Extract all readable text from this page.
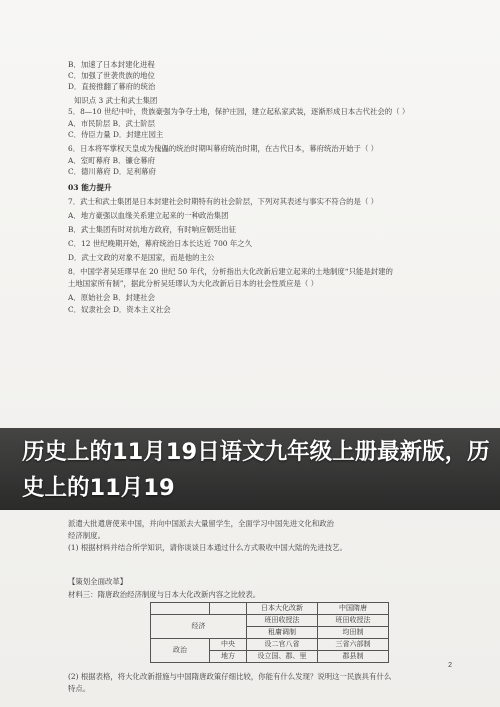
B．加速了日本封建化进程
C．加强了世袭贵族的地位
D．直接推翻了幕府的统治
知识点 3 武士和武士集团
5．8—10 世纪中叶，贵族豪强为争夺土地，保护庄园，建立起私家武装，逐渐形成日本古代社会的（ ）
A．市民阶层 B．武士阶层
C．侍臣力量 D．封建庄园主
6．日本将军掌权天皇成为傀儡的统治时期叫幕府统治时期，在古代日本，幕府统治开始于（ ）
A．室町幕府 B．镰仓幕府
C．德川幕府 D．足利幕府
03 能力提升
7．武士和武士集团是日本封建社会时期特有的社会阶层，下列对其表述与事实不符合的是（ ）
A．地方豪强以血缘关系建立起来的一种政治集团
B．武士集团有时对抗地方政府，有时响应朝廷出征
C．12 世纪晚期开始，幕府统治日本长达近 700 年之久
D．武士文政的对象不是国家，而是他的主公
8．中国学者吴廷璆早在 20 世纪 50 年代，分析指出大化改新后建立起来的土地制度“只能是封建的
土地国家所有制”，据此分析吴廷璆认为大化改新后日本的社会性质应是（ ）
A．原始社会 B．封建社会
C．奴隶社会 D．资本主义社会
派遣大批遣唐使来中国，并向中国派去大量留学生，全面学习中国先进文化和政治
经济制度。
(1) 根据材料并结合所学知识，请你谈谈日本通过什么方式吸收中国大陆的先进技艺。
【策划全面改革】
材料三：隋唐政治经济制度与日本大化改新内容之比较表。
(2) 根据表格，将大化改新措施与中国隋唐政策仔细比较，你能有什么发现？说明这一民族具有什么
特点。
		日本大化改新	中国隋唐
经济		班田收授法	班田收授法
		租庸调制	均田制
政治	中央	设二官八省	三省六部制
	地方	设立国、郡、里	郡县制
2
历史上的11月19日语文九年级上册最新版，历史上的11月19
